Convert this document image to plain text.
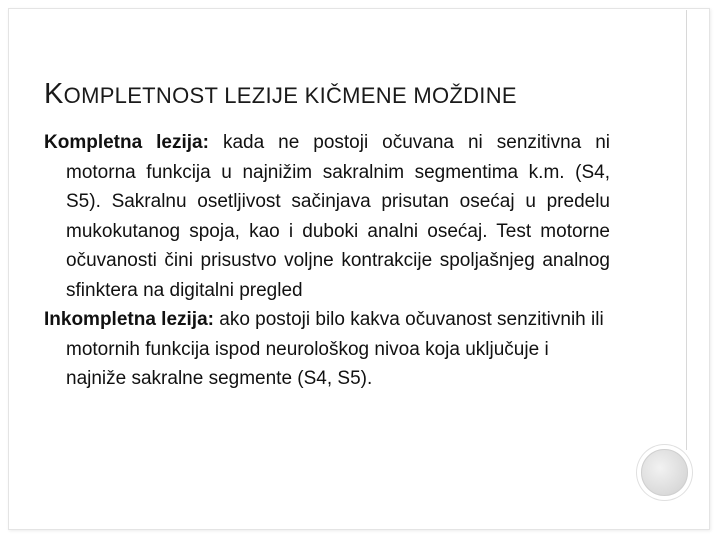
KOMPLETNOST LEZIJE KIČMENE MOŽDINE

Kompletna lezija: kada ne postoji očuvana ni senzitivna ni motorna funkcija u najnižim sakralnim segmentima k.m. (S4, S5). Sakralnu osetljivost sačinjava prisutan osećaj u predelu mukokutanog spoja, kao i duboki analni osećaj. Test motorne očuvanosti čini prisustvo voljne kontrakcije spoljašnjeg analnog sfinktera na digitalni pregled

Inkompletna lezija: ako postoji bilo kakva očuvanost senzitivnih ili motornih funkcija ispod neurološkog nivoa koja uključuje i najniže sakralne segmente (S4, S5).
